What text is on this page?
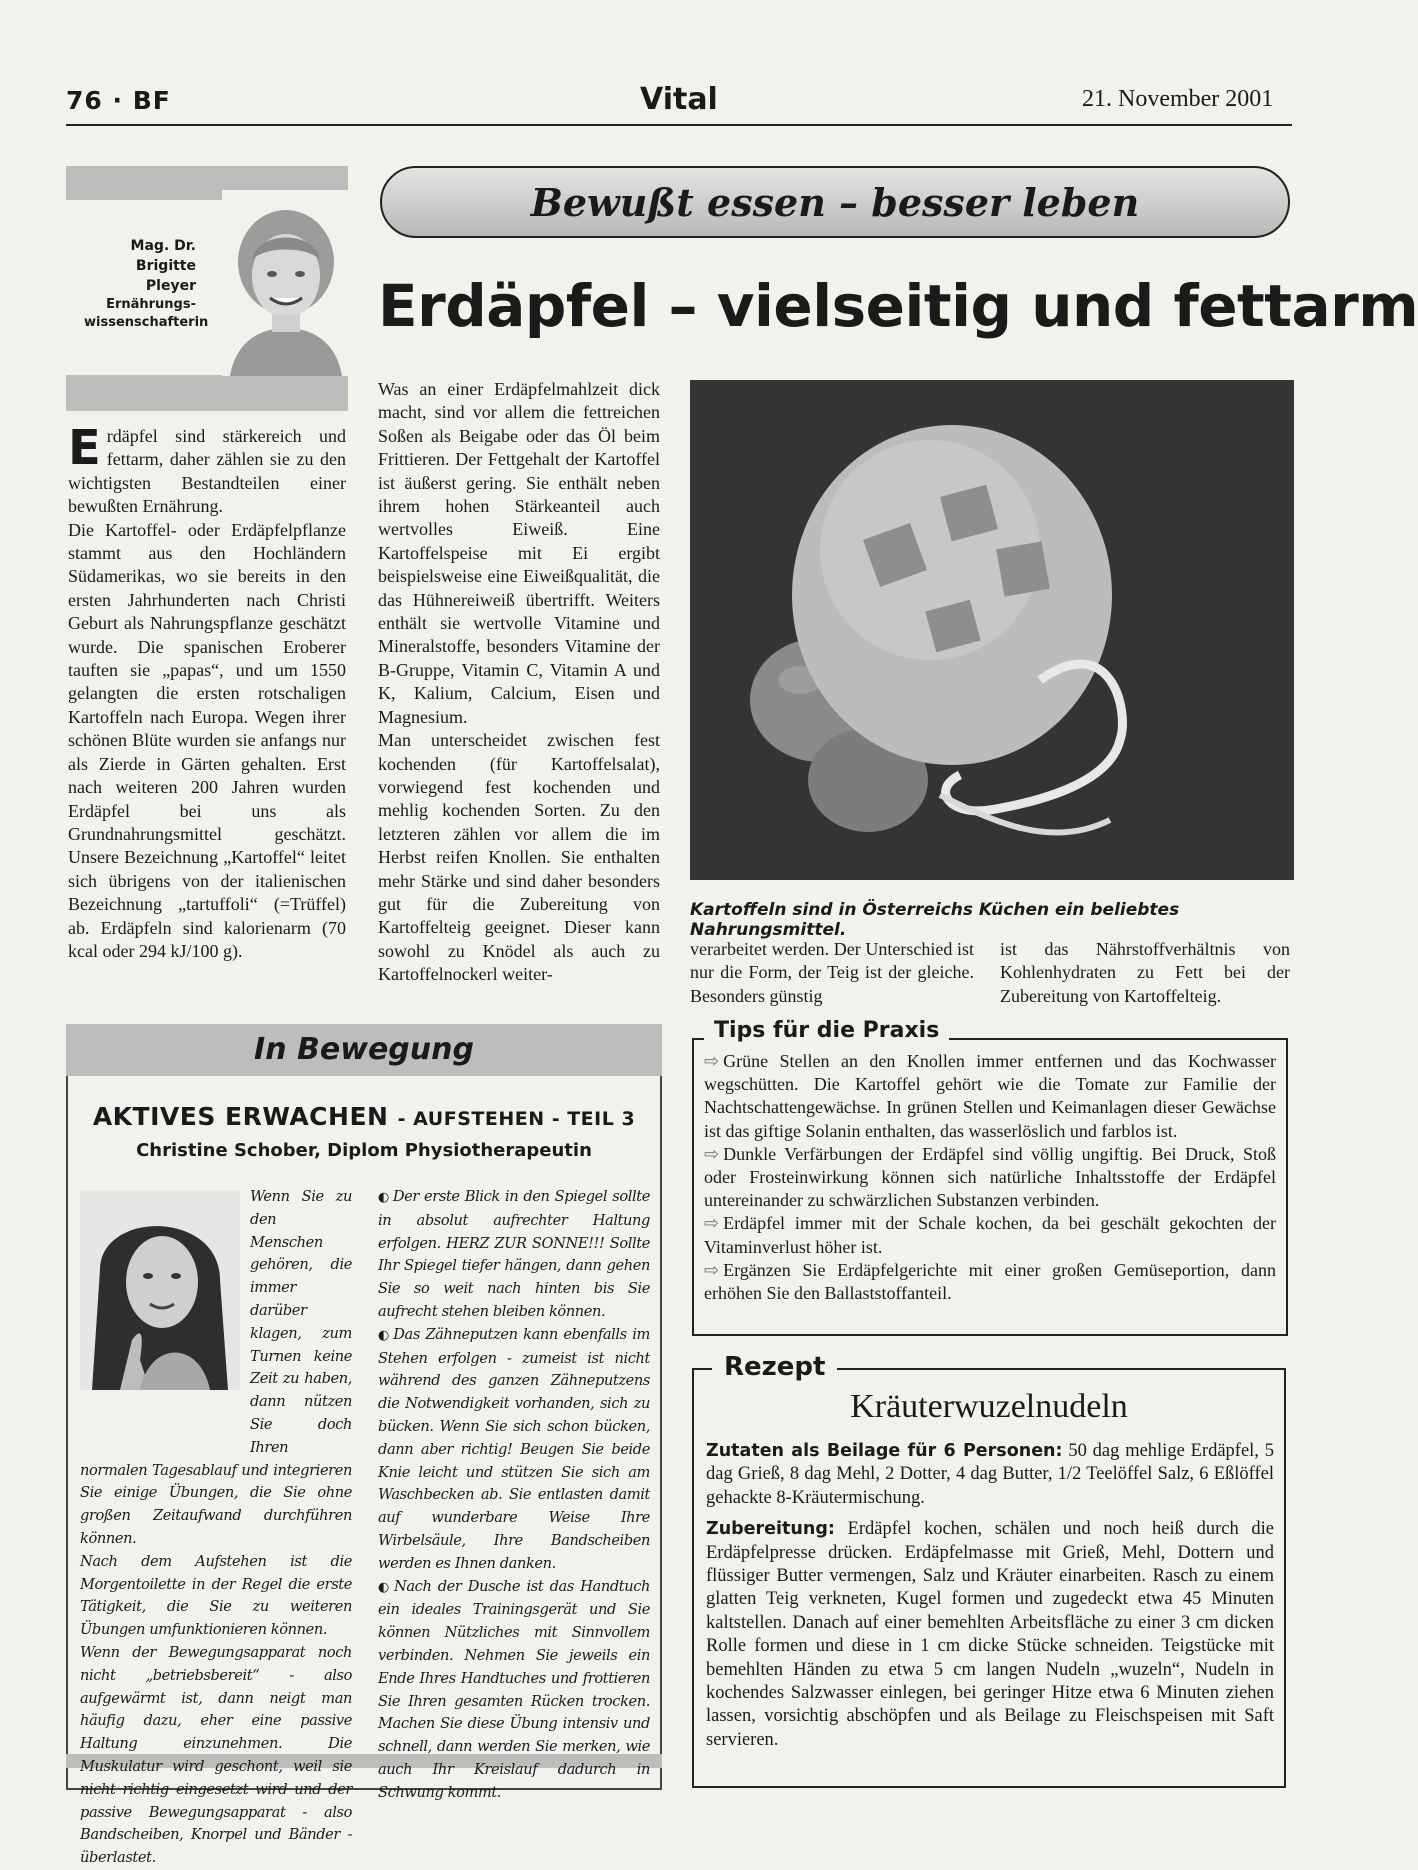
76 · BF	Vital	21. November 2001
Mag. Dr.
Brigitte Pleyer
Ernährungs-
wissenschafterin
Bewußt essen – besser leben
Erdäpfel – vielseitig und fettarm

Erdäpfel sind stärkereich und fettarm, daher zählen sie zu den wichtigsten Bestandteilen einer bewußten Ernährung.

Die Kartoffel- oder Erdäpfelpflanze stammt aus den Hochländern Südamerikas, wo sie bereits in den ersten Jahrhunderten nach Christi Geburt als Nahrungspflanze geschätzt wurde. Die spanischen Eroberer tauften sie „papas“, und um 1550 gelangten die ersten rotschaligen Kartoffeln nach Europa. Wegen ihrer schönen Blüte wurden sie anfangs nur als Zierde in Gärten gehalten. Erst nach weiteren 200 Jahren wurden Erdäpfel bei uns als Grundnahrungsmittel geschätzt. Unsere Bezeichnung „Kartoffel“ leitet sich übrigens von der italienischen Bezeichnung „tartuffoli“ (=Trüffel) ab. Erdäpfeln sind kalorienarm (70 kcal oder 294 kJ/100 g).

Was an einer Erdäpfelmahlzeit dick macht, sind vor allem die fettreichen Soßen als Beigabe oder das Öl beim Frittieren. Der Fettgehalt der Kartoffel ist äußerst gering. Sie enthält neben ihrem hohen Stärkeanteil auch wertvolles Eiweiß. Eine Kartoffelspeise mit Ei ergibt beispielsweise eine Eiweißqualität, die das Hühnereiweiß übertrifft. Weiters enthält sie wertvolle Vitamine und Mineralstoffe, besonders Vitamine der B-Gruppe, Vitamin C, Vitamin A und K, Kalium, Calcium, Eisen und Magnesium.

Man unterscheidet zwischen fest kochenden (für Kartoffelsalat), vorwiegend fest kochenden und mehlig kochenden Sorten. Zu den letzteren zählen vor allem die im Herbst reifen Knollen. Sie enthalten mehr Stärke und sind daher besonders gut für die Zubereitung von Kartoffelteig geeignet. Dieser kann sowohl zu Knödel als auch zu Kartoffelnockerl weiter-

Kartoffeln sind in Österreichs Küchen ein beliebtes Nahrungsmittel.
verarbeitet werden. Der Unterschied ist nur die Form, der Teig ist der gleiche. Besonders günstig
ist das Nährstoffverhältnis von Kohlenhydraten zu Fett bei der Zubereitung von Kartoffelteig.
Tips für die Praxis
⇨ Grüne Stellen an den Knollen immer entfernen und das Kochwasser wegschütten. Die Kartoffel gehört wie die Tomate zur Familie der Nachtschattengewächse. In grünen Stellen und Keimanlagen dieser Gewächse ist das giftige Solanin enthalten, das wasserlöslich und farblos ist.
⇨ Dunkle Verfärbungen der Erdäpfel sind völlig ungiftig. Bei Druck, Stoß oder Frosteinwirkung können sich natürliche Inhaltsstoffe der Erdäpfel untereinander zu schwärzlichen Substanzen verbinden.
⇨ Erdäpfel immer mit der Schale kochen, da bei geschält gekochten der Vitaminverlust höher ist.
⇨ Ergänzen Sie Erdäpfelgerichte mit einer großen Gemüseportion, dann erhöhen Sie den Ballaststoffanteil.
Rezept
Kräuterwuzelnudeln

Zutaten als Beilage für 6 Personen: 50 dag mehlige Erdäpfel, 5 dag Grieß, 8 dag Mehl, 2 Dotter, 4 dag Butter, 1/2 Teelöffel Salz, 6 Eßlöffel gehackte 8-Kräutermischung.

Zubereitung: Erdäpfel kochen, schälen und noch heiß durch die Erdäpfelpresse drücken. Erdäpfelmasse mit Grieß, Mehl, Dottern und flüssiger Butter vermengen, Salz und Kräuter einarbeiten. Rasch zu einem glatten Teig verkneten, Kugel formen und zugedeckt etwa 45 Minuten kaltstellen. Danach auf einer bemehlten Arbeitsfläche zu einer 3 cm dicken Rolle formen und diese in 1 cm dicke Stücke schneiden. Teigstücke mit bemehlten Händen zu etwa 5 cm langen Nudeln „wuzeln“, Nudeln in kochendes Salzwasser einlegen, bei geringer Hitze etwa 6 Minuten ziehen lassen, vorsichtig abschöpfen und als Beilage zu Fleischspeisen mit Saft servieren.

In Bewegung
AKTIVES ERWACHEN - AUFSTEHEN - TEIL 3
Christine Schober, Diplom Physiotherapeutin
Wenn Sie zu den Menschen gehören, die immer darüber klagen, zum Turnen keine Zeit zu haben, dann nützen Sie doch Ihren
normalen Tagesablauf und integrieren Sie einige Übungen, die Sie ohne großen Zeitaufwand durchführen können.
Nach dem Aufstehen ist die Morgentoilette in der Regel die erste Tätigkeit, die Sie zu weiteren Übungen umfunktionieren können.
Wenn der Bewegungsapparat noch nicht „betriebsbereit“ - also aufgewärmt ist, dann neigt man häufig dazu, eher eine passive Haltung einzunehmen. Die Muskulatur wird geschont, weil sie nicht richtig eingesetzt wird und der passive Bewegungsapparat - also Bandscheiben, Knorpel und Bänder - überlastet.
◐ Der erste Blick in den Spiegel sollte in absolut aufrechter Haltung erfolgen. HERZ ZUR SONNE!!! Sollte Ihr Spiegel tiefer hängen, dann gehen Sie so weit nach hinten bis Sie aufrecht stehen bleiben können.
◐ Das Zähneputzen kann ebenfalls im Stehen erfolgen - zumeist ist nicht während des ganzen Zähneputzens die Notwendigkeit vorhanden, sich zu bücken. Wenn Sie sich schon bücken, dann aber richtig! Beugen Sie beide Knie leicht und stützen Sie sich am Waschbecken ab. Sie entlasten damit auf wunderbare Weise Ihre Wirbelsäule, Ihre Bandscheiben werden es Ihnen danken.
◐ Nach der Dusche ist das Handtuch ein ideales Trainingsgerät und Sie können Nützliches mit Sinnvollem verbinden. Nehmen Sie jeweils ein Ende Ihres Handtuches und frottieren Sie Ihren gesamten Rücken trocken. Machen Sie diese Übung intensiv und schnell, dann werden Sie merken, wie auch Ihr Kreislauf dadurch in Schwung kommt.
